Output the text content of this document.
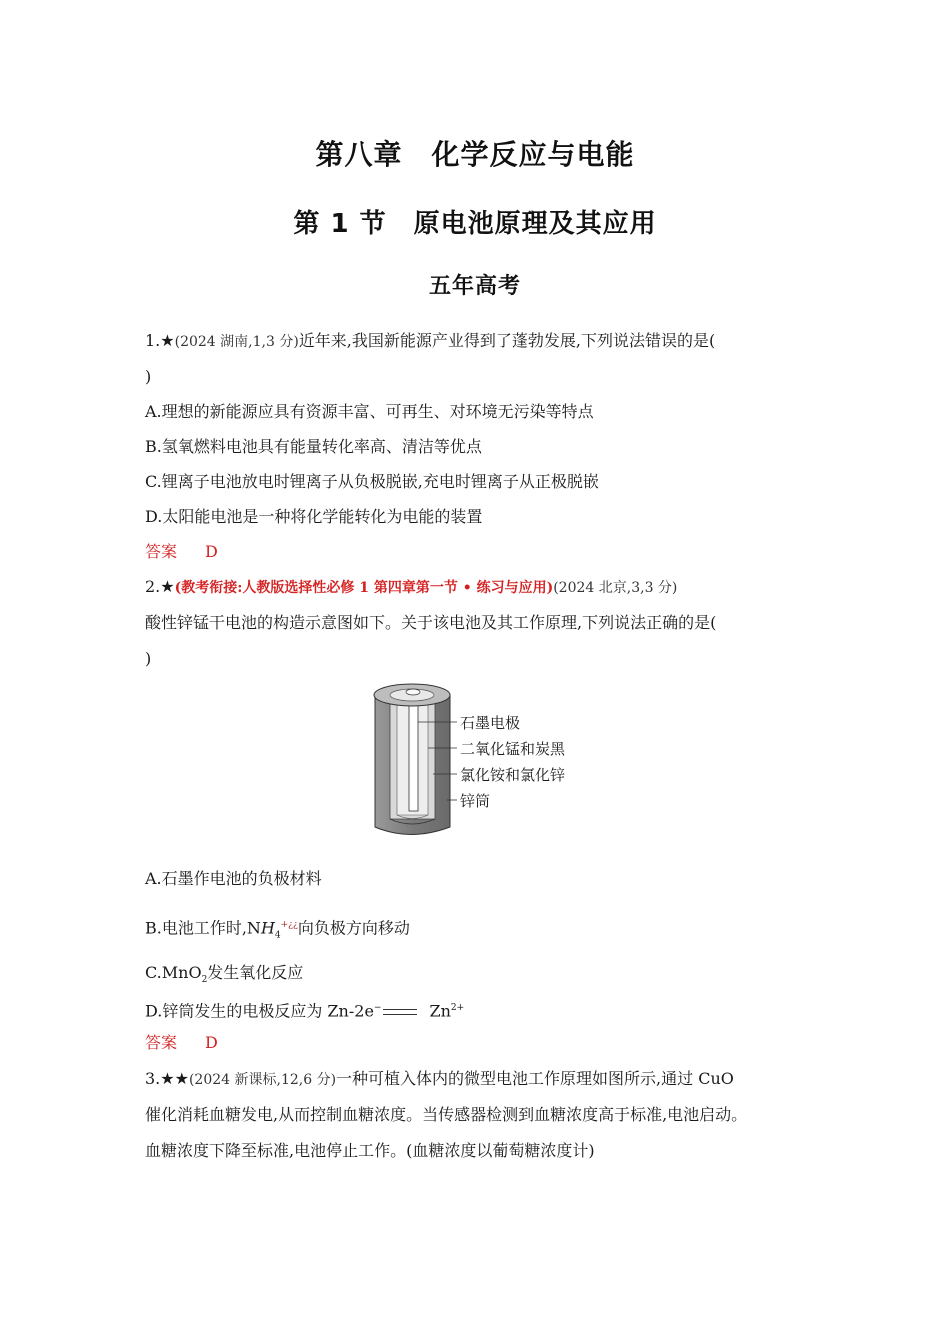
第八章　化学反应与电能
第 1 节　原电池原理及其应用
五年高考
1.★(2024 湖南,1,3 分)近年来,我国新能源产业得到了蓬勃发展,下列说法错误的是(
)
A.理想的新能源应具有资源丰富、可再生、对环境无污染等特点
B.氢氧燃料电池具有能量转化率高、清洁等优点
C.锂离子电池放电时锂离子从负极脱嵌,充电时锂离子从正极脱嵌
D.太阳能电池是一种将化学能转化为电能的装置
答案 D
2.★(教考衔接:人教版选择性必修 1 第四章第一节 • 练习与应用)(2024 北京,3,3 分)
酸性锌锰干电池的构造示意图如下。关于该电池及其工作原理,下列说法正确的是(
)
石墨电极
二氧化锰和炭黑
氯化铵和氯化锌
锌筒
A.石墨作电池的负极材料
B.电池工作时$,NH_4^{+¿¿}$向负极方向移动
C.MnO$_2$发生氧化反应
D.锌筒发生的电极反应为 Zn-2e−	$Zn^{2+}$
答案 D
3.★★(2024 新课标,12,6 分)一种可植入体内的微型电池工作原理如图所示,通过 CuO
催化消耗血糖发电,从而控制血糖浓度。当传感器检测到血糖浓度高于标准,电池启动。
血糖浓度下降至标准,电池停止工作。(血糖浓度以葡萄糖浓度计)
